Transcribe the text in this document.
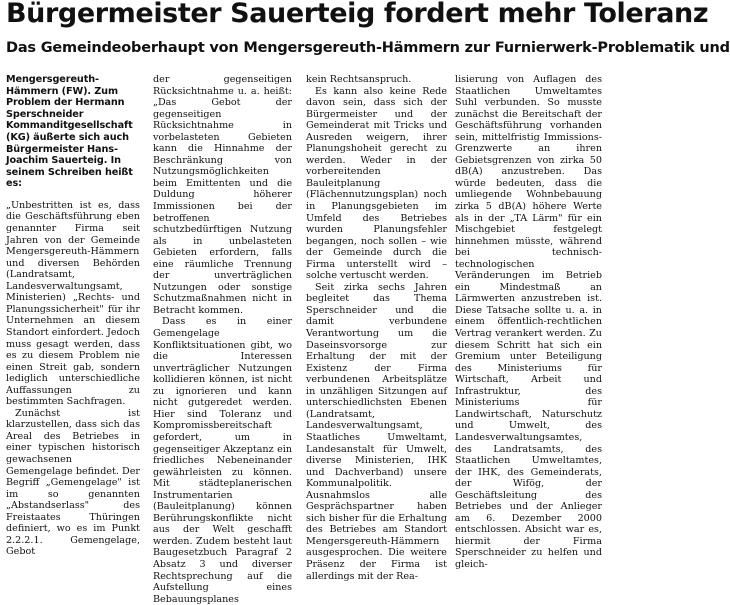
Bürgermeister Sauerteig fordert mehr Toleranz
Das Gemeindeoberhaupt von Mengersgereuth-Hämmern zur Furnierwerk-Problematik und

Mengersgereuth-Hämmern (FW). Zum Problem der Hermann Sperschneider Kommanditgesellschaft (KG) äußerte sich auch Bürgermeister Hans-Joachim Sauerteig. In seinem Schreiben heißt es:

„Unbestritten ist es, dass die Geschäftsführung eben genannter Firma seit Jahren von der Gemeinde Mengersgereuth-Hämmern und diversen Behörden (Landratsamt, Landesverwaltungsamt, Ministerien) „Rechts- und Planungssicherheit" für ihr Unternehmen an diesem Standort einfordert. Jedoch muss gesagt werden, dass es zu diesem Problem nie einen Streit gab, sondern lediglich unterschiedliche Auffassungen zu bestimmten Sachfragen.

Zunächst ist klarzustellen, dass sich das Areal des Betriebes in einer typischen historisch gewachsenen Gemengelage befindet. Der Begriff „Gemengelage" ist im so genannten „Abstandserlass" des Freistaates Thüringen definiert, wo es im Punkt 2.2.2.1. Gemengelage, Gebot

der gegenseitigen Rücksichtnahme u. a. heißt: „Das Gebot der gegenseitigen Rücksichtnahme in vorbelasteten Gebieten kann die Hinnahme der Beschränkung von Nutzungsmöglichkeiten beim Emittenten und die Duldung höherer Immissionen bei der betroffenen schutzbedürftigen Nutzung als in unbelasteten Gebieten erfordern, falls eine räumliche Trennung der unverträglichen Nutzungen oder sonstige Schutzmaßnahmen nicht in Betracht kommen.

Dass es in einer Gemengelage Konfliktsituationen gibt, wo die Interessen unverträglicher Nutzungen kollidieren können, ist nicht zu ignorieren und kann nicht gutgeredet werden. Hier sind Toleranz und Kompromissbereitschaft gefordert, um in gegenseitiger Akzeptanz ein friedliches Nebeneinander gewährleisten zu können. Mit städteplanerischen Instrumentarien (Bauleitplanung) können Berührungskonflikte nicht aus der Welt geschafft werden. Zudem besteht laut Baugesetzbuch Paragraf 2 Absatz 3 und diverser Rechtsprechung auf die Aufstellung eines Bebauungsplanes

kein Rechtsanspruch.

Es kann also keine Rede davon sein, dass sich der Bürgermeister und der Gemeinderat mit Tricks und Ausreden weigern, ihrer Planungshoheit gerecht zu werden. Weder in der vorbereitenden Bauleitplanung (Flächennutzungsplan) noch in Planungsgebieten im Umfeld des Betriebes wurden Planungsfehler begangen, noch sollen – wie der Gemeinde durch die Firma unterstellt wird – solche vertuscht werden.

Seit zirka sechs Jahren begleitet das Thema Sperschneider und die damit verbundene Verantwortung um die Daseinsvorsorge zur Erhaltung der mit der Existenz der Firma verbundenen Arbeitsplätze in unzähligen Sitzungen auf unterschiedlichsten Ebenen (Landratsamt, Landesverwaltungsamt, Staatliches Umweltamt, Landesanstalt für Umwelt, diverse Ministerien, IHK und Dachverband) unsere Kommunalpolitik. Ausnahmslos alle Gesprächspartner haben sich bisher für die Erhaltung des Betriebes am Standort Mengersgereuth-Hämmern ausgesprochen. Die weitere Präsenz der Firma ist allerdings mit der Rea-

lisierung von Auflagen des Staatlichen Umweltamtes Suhl verbunden. So musste zunächst die Bereitschaft der Geschäftsführung vorhanden sein, mittelfristig Immissions-Grenzwerte an ihren Gebietsgrenzen von zirka 50 dB(A) anzustreben. Das würde bedeuten, dass die umliegende Wohnbebauung zirka 5 dB(A) höhere Werte als in der „TA Lärm" für ein Mischgebiet festgelegt hinnehmen müsste, während bei technisch-technologischen Veränderungen im Betrieb ein Mindestmaß an Lärmwerten anzustreben ist. Diese Tatsache sollte u. a. in einem öffentlich-rechtlichen Vertrag verankert werden. Zu diesem Schritt hat sich ein Gremium unter Beteiligung des Ministeriums für Wirtschaft, Arbeit und Infrastruktur, des Ministeriums für Landwirtschaft, Naturschutz und Umwelt, des Landesverwaltungsamtes, des Landratsamts, des Staatlichen Umweltamtes, der IHK, des Gemeinderats, der Wifög, der Geschäftsleitung des Betriebes und der Anlieger am 6. Dezember 2000 entschlossen. Absicht war es, hiermit der Firma Sperschneider zu helfen und gleich-
